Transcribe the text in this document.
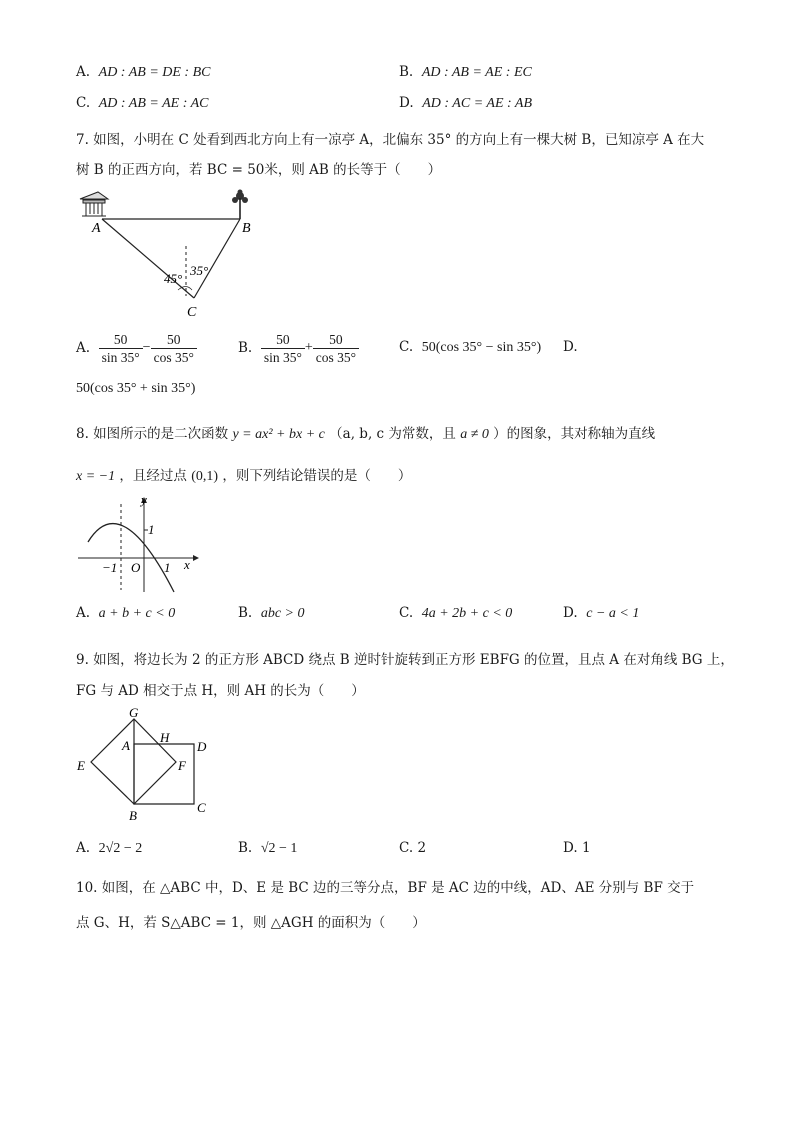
A. AD : AB = DE : BC	B. AD : AB = AE : EC
C. AD : AB = AE : AC	D. AD : AC = AE : AB
7. 如图，小明在 C 处看到西北方向上有一凉亭 A，北偏东 35° 的方向上有一棵大树 B，已知凉亭 A 在大
树 B 的正西方向，若 BC = 50米，则 AB 的长等于（　　）
A	B
C
45°
35°
A.
$\frac{50}{\sin 35^\circ} - \frac{50}{\cos 35^\circ}$	B.
$\frac{50}{\sin 35^\circ} + \frac{50}{\cos 35^\circ}$	C. 50(cos 35° − sin 35°) D.
50(cos 35° + sin 35°)
8. 如图所示的是二次函数 y = ax² + bx + c （a, b, c 为常数，且 a ≠ 0 ）的图象，其对称轴为直线
x = −1 ，且经过点 (0,1) ，则下列结论错误的是（　　）
y
x
O
1
1
−1
A. a + b + c < 0	B. abc > 0	C. 4a + 2b + c < 0	D. c − a < 1
9. 如图，将边长为 2 的正方形 ABCD 绕点 B 逆时针旋转到正方形 EBFG 的位置，且点 A 在对角线 BG 上，
FG 与 AD 相交于点 H，则 AH 的长为（　　）
G
A
H
D
E	F
B
C
A. 2√2 − 2	B. √2 − 1	C. 2	D. 1
10. 如图，在 △ABC 中，D、E 是 BC 边的三等分点，BF 是 AC 边的中线，AD、AE 分别与 BF 交于
点 G、H，若 S△ABC = 1，则 △AGH 的面积为（　　）
